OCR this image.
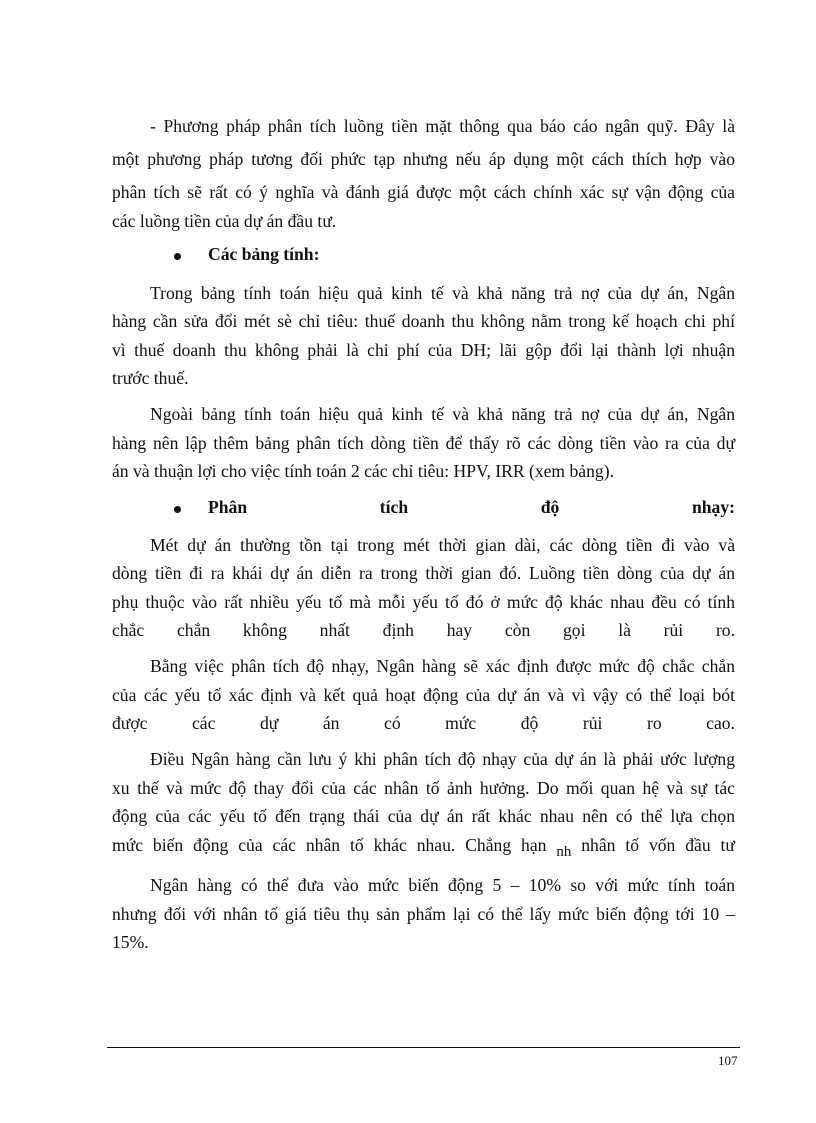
- Phương pháp phân tích luồng tiền mặt thông qua báo cáo ngân quỹ. Đây là

một phương pháp tương đối phức tạp nhưng nếu áp dụng một cách thích hợp vào

phân tích sẽ rất có ý nghĩa và đánh giá được một cách chính xác sự vận động của

các luồng tiền của dự án đầu tư.

Các bảng tính:

Trong bảng tính toán hiệu quả kinh tế và khả năng trả nợ của dự án, Ngân

hàng cần sửa đổi mét sè chỉ tiêu: thuế doanh thu không nằm trong kế hoạch chi phí

vì thuế doanh thu không phải là chi phí của DH; lãi gộp đổi lại thành lợi nhuận

trước thuế.

Ngoài bảng tính toán hiệu quả kinh tế và khả năng trả nợ của dự án, Ngân

hàng nên lập thêm bảng phân tích dòng tiền để thấy rõ các dòng tiền vào ra của dự

án và thuận lợi cho việc tính toán 2 các chỉ tiêu: HPV, IRR (xem bảng).

Phân	tích	độ	nhạy:

Mét dự án thường tồn tại trong mét thời gian dài, các dòng tiền đi vào và

dòng tiền đi ra khái dự án diễn ra trong thời gian đó. Luồng tiền dòng của dự án

phụ thuộc vào rất nhiều yếu tố mà mỗi yếu tố đó ở mức độ khác nhau đều có tính

chắc chắn không nhất định hay còn gọi là rủi ro.

Bằng việc phân tích độ nhạy, Ngân hàng sẽ xác định được mức độ chắc chắn

của các yếu tố xác định và kết quả hoạt động của dự án và vì vậy có thể loại bót

được các dự án có mức độ rủi ro cao.

Điều Ngân hàng cần lưu ý khi phân tích độ nhạy của dự án là phải ước lượng

xu thế và mức độ thay đổi của các nhân tố ảnh hưởng. Do mối quan hệ và sự tác

động của các yếu tố đến trạng thái của dự án rất khác nhau nên có thể lựa chọn

mức biến động của các nhân tố khác nhau. Chẳng hạn nh nhân tố vốn đầu tư

Ngân hàng có thể đưa vào mức biến động 5 – 10% so với mức tính toán

nhưng đối với nhân tố giá tiêu thụ sản phẩm lại có thể lấy mức biến động tới 10 –

15%.

107
